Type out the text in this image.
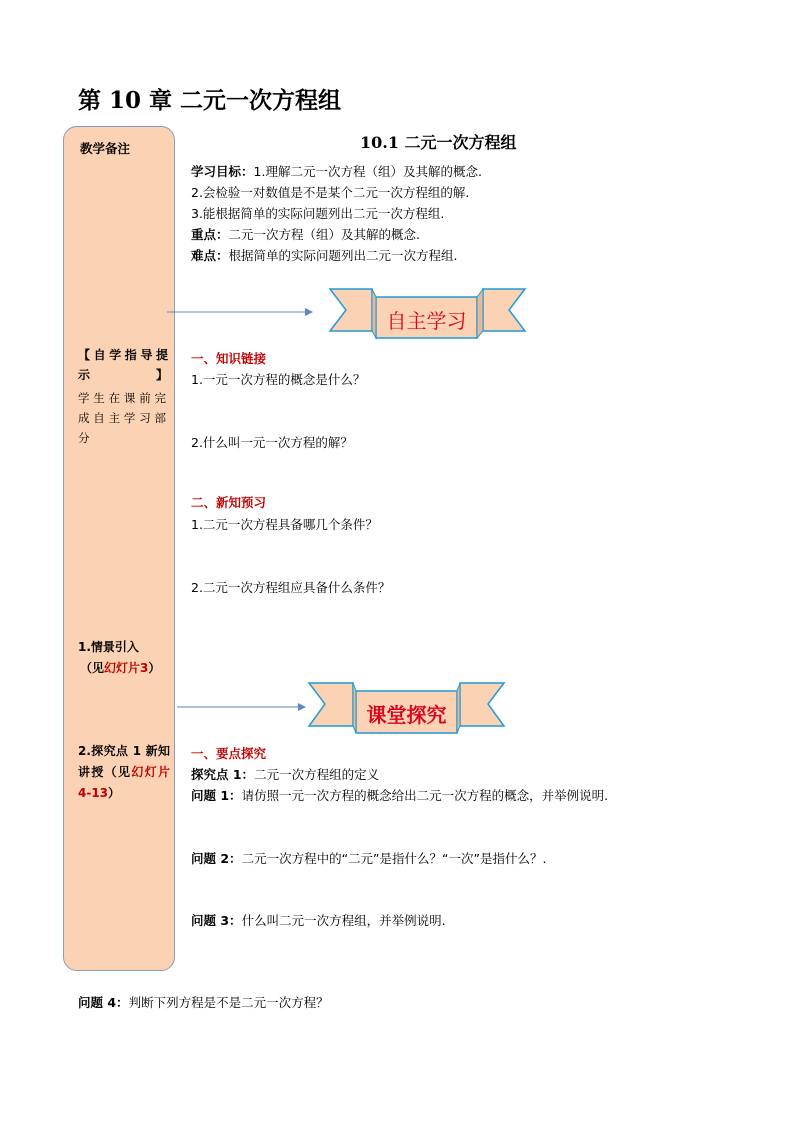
第 10 章 二元一次方程组
教学备注
【自学指导提示】
学生在课前完成自主学习部分
1.情景引入
（见幻灯片3）
2.探究点 1 新知讲授（见幻灯片 4-13）
10.1 二元一次方程组
学习目标：1.理解二元一次方程（组）及其解的概念.
2.会检验一对数值是不是某个二元一次方程组的解.
3.能根据简单的实际问题列出二元一次方程组.
重点：二元一次方程（组）及其解的概念.
难点：根据简单的实际问题列出二元一次方程组.
自主学习
课堂探究
一、知识链接
1.一元一次方程的概念是什么？
2.什么叫一元一次方程的解？
二、新知预习
1.二元一次方程具备哪几个条件？
2.二元一次方程组应具备什么条件？
一、要点探究
探究点 1：二元一次方程组的定义
问题 1：请仿照一元一次方程的概念给出二元一次方程的概念，并举例说明.
问题 2：二元一次方程中的“二元”是指什么？“一次”是指什么？.
问题 3：什么叫二元一次方程组，并举例说明.
问题 4：判断下列方程是不是二元一次方程？
